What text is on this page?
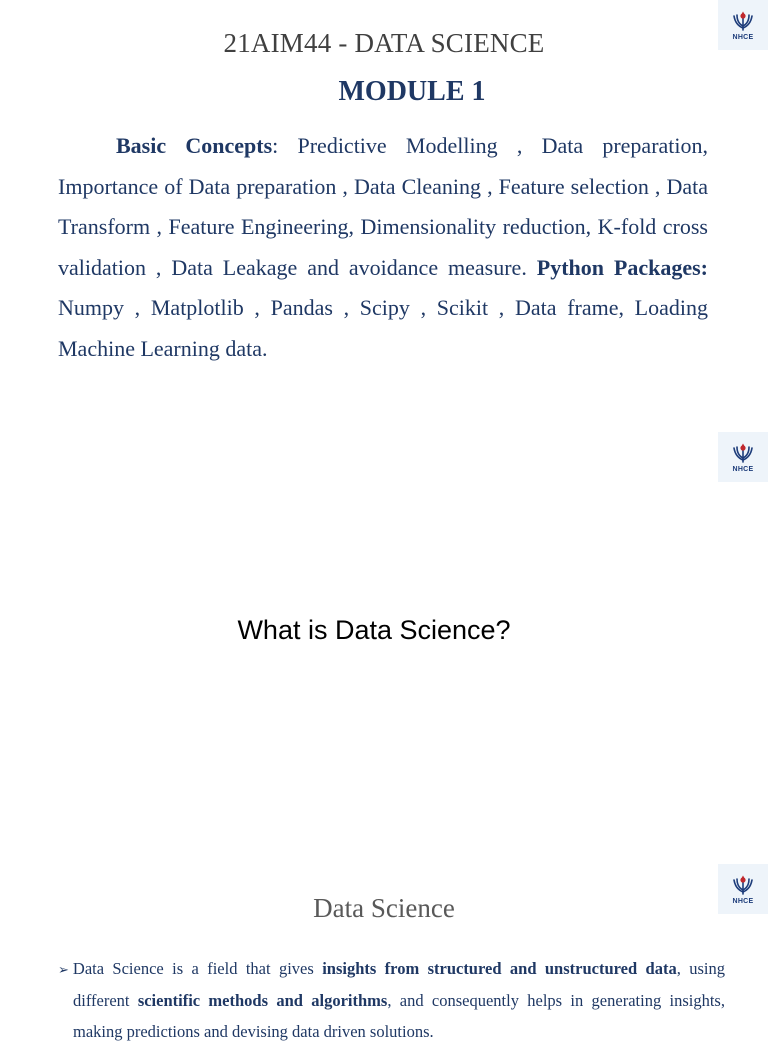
NHCE
21AIM44 - DATA SCIENCE
MODULE 1

Basic Concepts: Predictive Modelling , Data preparation, Importance of Data preparation , Data Cleaning , Feature selection , Data Transform , Feature Engineering, Dimensionality reduction, K-fold cross validation , Data Leakage and avoidance measure. Python Packages: Numpy , Matplotlib , Pandas , Scipy , Scikit , Data frame, Loading Machine Learning data.

NHCE
What is Data Science?
NHCE
Data Science

➢ Data Science is a field that gives insights from structured and unstructured data, using different scientific methods and algorithms, and consequently helps in generating insights, making predictions and devising data driven solutions.
